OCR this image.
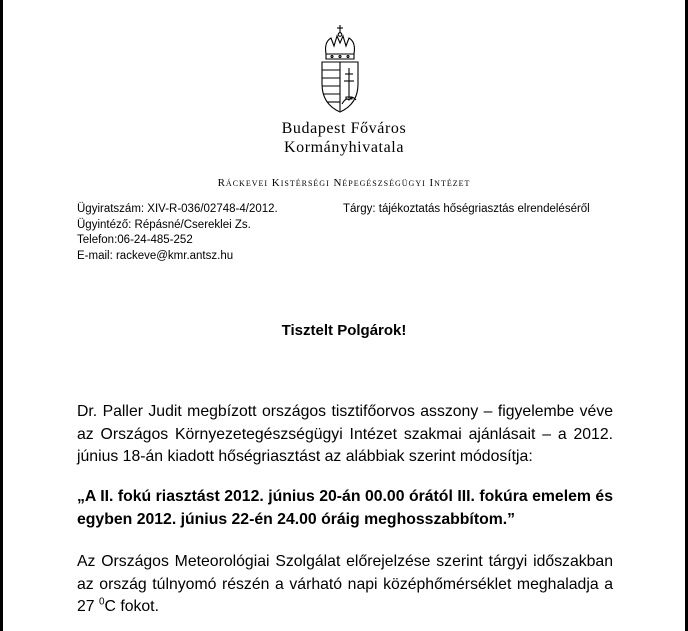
Budapest Főváros
Kormányhivatala
Ráckevei Kistérségi Népegészségügyi Intézet
Ügyiratszám: XIV-R-036/02748-4/2012.
Ügyintéző: Répásné/Csereklei Zs.
Telefon:06-24-485-252
E-mail: rackeve@kmr.antsz.hu
Tárgy: tájékoztatás hőségriasztás elrendeléséről
Tisztelt Polgárok!
Dr. Paller Judit megbízott országos tisztifőorvos asszony – figyelembe véve az Országos Környezetegészségügyi Intézet szakmai ajánlásait – a 2012. június 18-án kiadott hőségriasztást az alábbiak szerint módosítja:
„A II. fokú riasztást 2012. június 20-án 00.00 órától III. fokúra emelem és egyben 2012. június 22-én 24.00 óráig meghosszabbítom.”
Az Országos Meteorológiai Szolgálat előrejelzése szerint tárgyi időszakban az ország túlnyomó részén a várható napi középhőmérséklet meghaladja a 27 $^0$C fokot.
